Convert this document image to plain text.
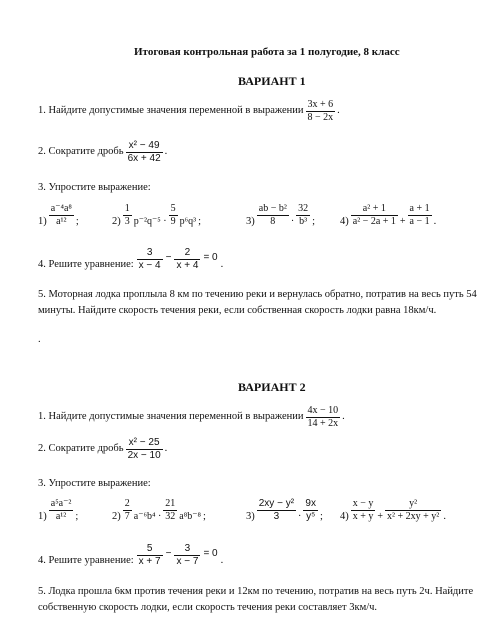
Итоговая контрольная работа за 1 полугодие, 8 класс
ВАРИАНТ 1
1. Найдите допустимые значения переменной в выражении $\frac{3x + 6}{8 - 2x}$ .
2. Сократите дробь $\frac{\text{x² − 49}}{6x + 42}$ .
3. Упростите выражение:
$1) \frac{\text{a⁻⁴a⁸}}{\text{a¹²}}$ ;	$2) \frac{1}{3} p^{-2}q^{-5} \cdot \frac{5}{9} p^6q^3$ ;	$3) \frac{\text{ab − b²}}{8} \cdot \frac{32}{\text{b³}}$ ; $4) \frac{\text{a² + 1}}{\text{a² − 2a + 1}} + \frac{a + 1}{a - 1}$ .
4. Решите уравнение: $\frac{3}{x - 4} - \frac{2}{x + 4} = 0$
.
5. Моторная лодка проплыла 8 км по течению реки и вернулась обратно, потратив на весь путь 54 минуты. Найдите скорость течения реки, если собственная скорость лодки равна 18км/ч.
.
ВАРИАНТ 2
1. Найдите допустимые значения переменной в выражении $\frac{4x - 10}{14 + 2x}$ .
2. Сократите дробь $\frac{\text{x² − 25}}{2x - 10}$ .
3. Упростите выражение:
$1) \frac{\text{a⁵a⁻²}}{\text{a¹²}}$ ;	$2) \frac{2}{7} a^{-6}b^4 \cdot \frac{21}{32} a^8b^{-8}$ ;	$3) \frac{\text{2xy − y²}}{3} \cdot \frac{9x}{\text{y⁵}}$ ; $4) \frac{x - y}{x + y} + \frac{\text{y²}}{\text{x² + 2xy + y²}}$ .
4. Решите уравнение: $\frac{5}{x + 7} - \frac{3}{x - 7} = 0$
.
5. Лодка прошла 6км против течения реки и 12км по течению, потратив на весь путь 2ч. Найдите собственную скорость лодки, если скорость течения реки составляет 3км/ч.
